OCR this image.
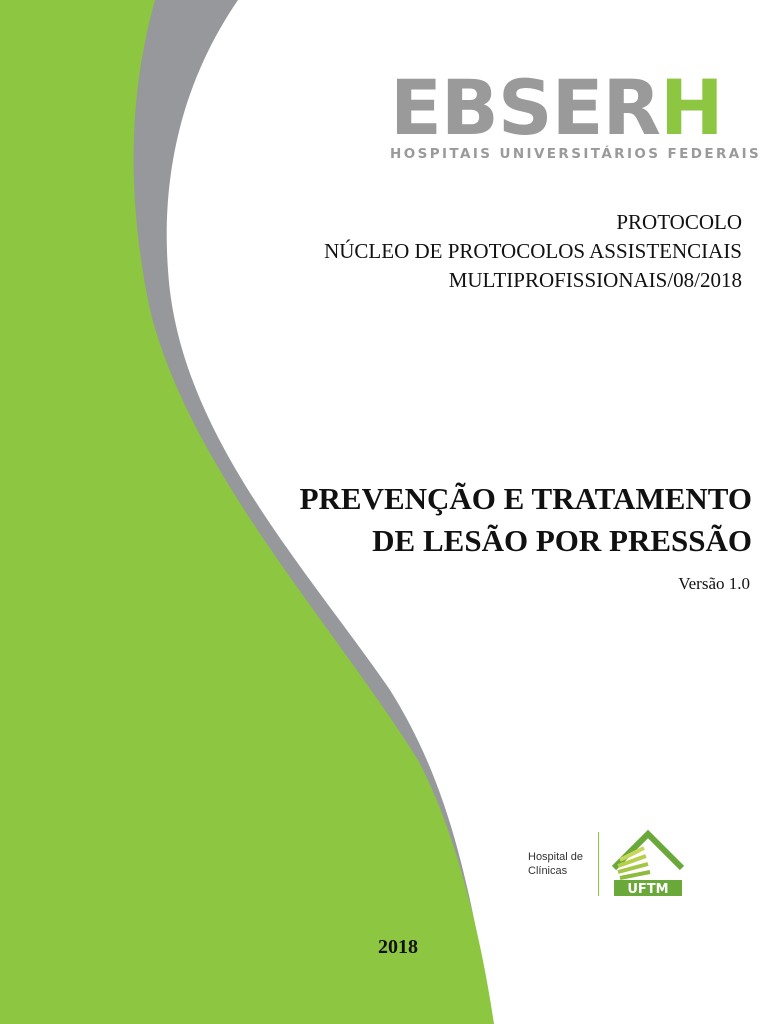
EBSERH
HOSPITAIS UNIVERSITÁRIOS FEDERAIS
PROTOCOLO
NÚCLEO DE PROTOCOLOS ASSISTENCIAIS
MULTIPROFISSIONAIS/08/2018
PREVENÇÃO E TRATAMENTO
DE LESÃO POR PRESSÃO
Versão 1.0
Hospital de
Clínicas
UFTM
2018
